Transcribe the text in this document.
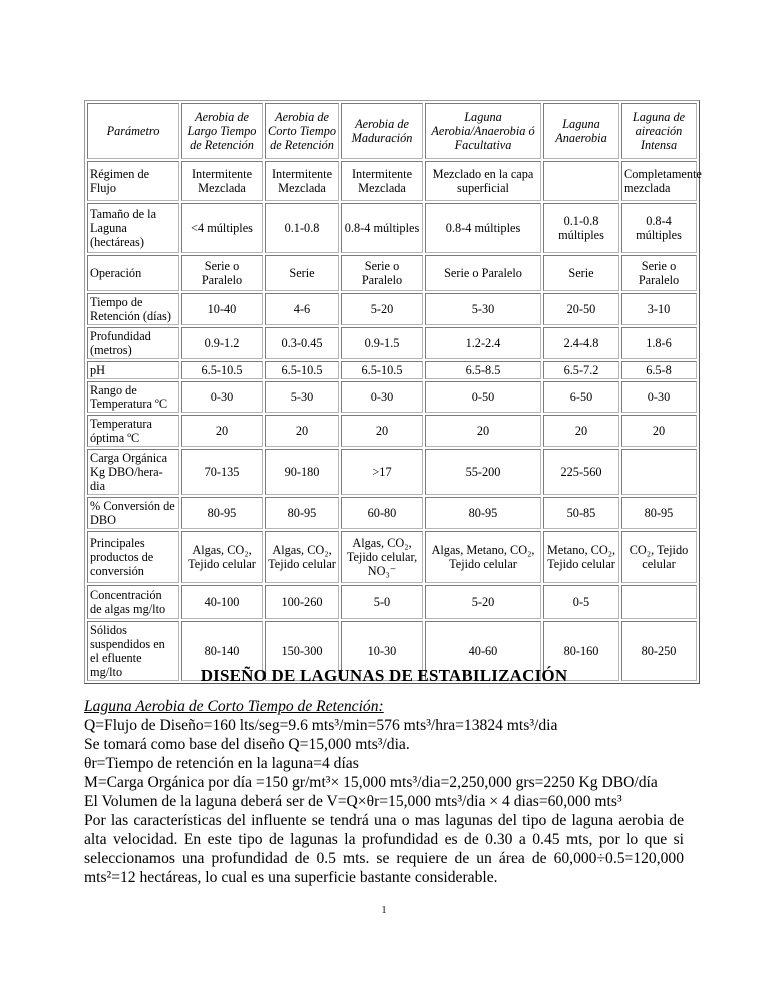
Parámetro	Aerobia de Largo Tiempo de Retención	Aerobia de Corto Tiempo de Retención	Aerobia de Maduración	Laguna Aerobia/Anaerobia ó Facultativa	Laguna Anaerobia	Laguna de aireación Intensa
Régimen de Flujo	Intermitente Mezclada	Intermitente Mezclada	Intermitente Mezclada	Mezclado en la capa superficial		Completamente mezclada
Tamaño de la Laguna (hectáreas)	<4 múltiples	0.1-0.8	0.8-4 múltiples	0.8-4 múltiples	0.1-0.8 múltiples	0.8-4 múltiples
Operación	Serie o Paralelo	Serie	Serie o Paralelo	Serie o Paralelo	Serie	Serie o Paralelo
Tiempo de Retención (días)	10-40	4-6	5-20	5-30	20-50	3-10
Profundidad (metros)	0.9-1.2	0.3-0.45	0.9-1.5	1.2-2.4	2.4-4.8	1.8-6
pH	6.5-10.5	6.5-10.5	6.5-10.5	6.5-8.5	6.5-7.2	6.5-8
Rango de Temperatura ºC	0-30	5-30	0-30	0-50	6-50	0-30
Temperatura óptima ºC	20	20	20	20	20	20
Carga Orgánica Kg DBO/hera-dia	70-135	90-180	>17	55-200	225-560	
% Conversión de DBO	80-95	80-95	60-80	80-95	50-85	80-95
Principales productos de conversión	Algas, CO₂, Tejido celular	Algas, CO₂, Tejido celular	Algas, CO₂, Tejido celular, NO₃⁻	Algas, Metano, CO₂, Tejido celular	Metano, CO₂, Tejido celular	CO₂, Tejido celular
Concentración de algas mg/lto	40-100	100-260	5-0	5-20	0-5	
Sólidos suspendidos en el efluente mg/lto	80-140	150-300	10-30	40-60	80-160	80-250
DISEÑO DE LAGUNAS DE ESTABILIZACIÓN

Laguna Aerobia de Corto Tiempo de Retención:

Q=Flujo de Diseño=160 lts/seg=9.6 mts³/min=576 mts³/hra=13824 mts³/dia

Se tomará como base del diseño Q=15,000 mts³/dia.

θr=Tiempo de retención en la laguna=4 días

M=Carga Orgánica por día =150 gr/mt³× 15,000 mts³/dia=2,250,000 grs=2250 Kg DBO/día

El Volumen de la laguna deberá ser de V=Q×θr=15,000 mts³/dia × 4 dias=60,000 mts³

Por las características del influente se tendrá una o mas lagunas del tipo de laguna aerobia de alta velocidad. En este tipo de lagunas la profundidad es de 0.30 a 0.45 mts, por lo que si seleccionamos una profundidad de 0.5 mts. se requiere de un área de 60,000÷0.5=120,000 mts²=12 hectáreas, lo cual es una superficie bastante considerable.

1
